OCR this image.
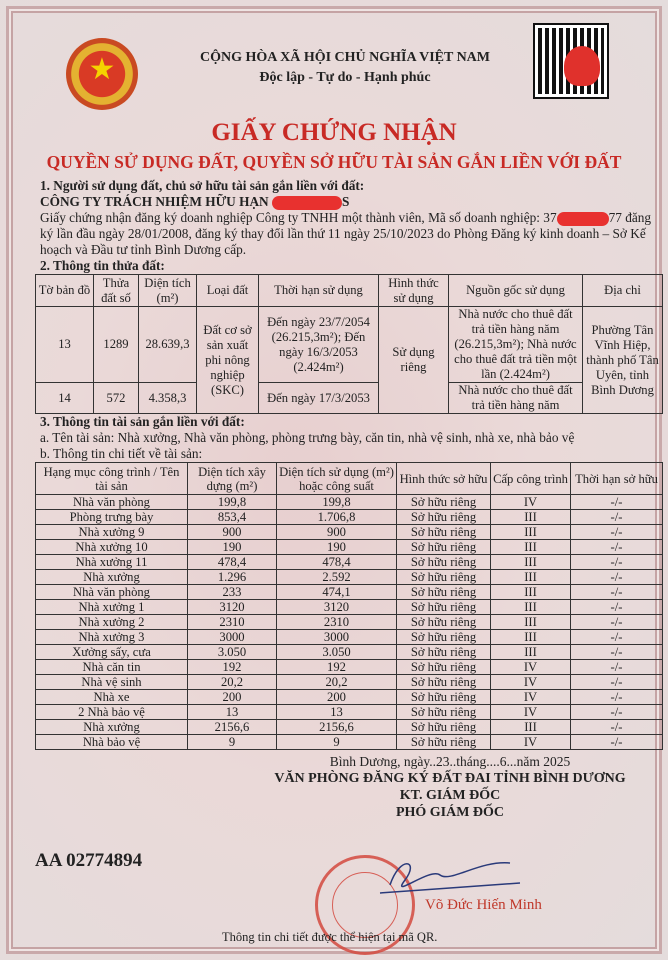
★	CỘNG HÒA XÃ HỘI CHỦ NGHĨA VIỆT NAM
Độc lập - Tự do - Hạnh phúc
GIẤY CHỨNG NHẬN
QUYỀN SỬ DỤNG ĐẤT, QUYỀN SỞ HỮU TÀI SẢN GẮN LIỀN VỚI ĐẤT
1. Người sử dụng đất, chủ sở hữu tài sản gắn liền với đất:
CÔNG TY TRÁCH NHIỆM HỮU HẠN	S
Giấy chứng nhận đăng ký doanh nghiệp Công ty TNHH một thành viên, Mã số doanh nghiệp: 37	77 đăng ký lần đầu ngày 28/01/2008, đăng ký thay đổi lần thứ 11 ngày 25/10/2023 do Phòng Đăng ký kinh doanh – Sở Kế hoạch và Đầu tư tỉnh Bình Dương cấp.
2. Thông tin thửa đất:
Tờ bản đồ	Thửa đất số	Diện tích (m²)	Loại đất	Thời hạn sử dụng	Hình thức sử dụng	Nguồn gốc sử dụng	Địa chỉ
13	1289	28.639,3	Đất cơ sở sản xuất phi nông nghiệp (SKC)	Đến ngày 23/7/2054 (26.215,3m²); Đến ngày 16/3/2053 (2.424m²)	Sử dụng riêng	Nhà nước cho thuê đất trả tiền hàng năm (26.215,3m²); Nhà nước cho thuê đất trả tiền một lần (2.424m²)	Phường Tân Vĩnh Hiệp, thành phố Tân Uyên, tỉnh Bình Dương
14	572	4.358,3		Đến ngày 17/3/2053		Nhà nước cho thuê đất trả tiền hàng năm	
3. Thông tin tài sản gắn liền với đất:
a. Tên tài sản: Nhà xưởng, Nhà văn phòng, phòng trưng bày, căn tin, nhà vệ sinh, nhà xe, nhà bảo vệ
b. Thông tin chi tiết về tài sản:
Hạng mục công trình / Tên tài sản	Diện tích xây dựng (m²)	Diện tích sử dụng (m²) hoặc công suất	Hình thức sở hữu	Cấp công trình	Thời hạn sở hữu
Nhà văn phòng	199,8	199,8	Sở hữu riêng	IV	-/-
Phòng trưng bày	853,4	1.706,8	Sở hữu riêng	III	-/-
Nhà xưởng 9	900	900	Sở hữu riêng	III	-/-
Nhà xưởng 10	190	190	Sở hữu riêng	III	-/-
Nhà xưởng 11	478,4	478,4	Sở hữu riêng	III	-/-
Nhà xưởng	1.296	2.592	Sở hữu riêng	III	-/-
Nhà văn phòng	233	474,1	Sở hữu riêng	III	-/-
Nhà xưởng 1	3120	3120	Sở hữu riêng	III	-/-
Nhà xưởng 2	2310	2310	Sở hữu riêng	III	-/-
Nhà xưởng 3	3000	3000	Sở hữu riêng	III	-/-
Xưởng sấy, cưa	3.050	3.050	Sở hữu riêng	III	-/-
Nhà căn tin	192	192	Sở hữu riêng	IV	-/-
Nhà vệ sinh	20,2	20,2	Sở hữu riêng	IV	-/-
Nhà xe	200	200	Sở hữu riêng	IV	-/-
2 Nhà bảo vệ	13	13	Sở hữu riêng	IV	-/-
Nhà xưởng	2156,6	2156,6	Sở hữu riêng	III	-/-
Nhà bảo vệ	9	9	Sở hữu riêng	IV	-/-
Bình Dương, ngày..23..tháng....6...năm 2025
VĂN PHÒNG ĐĂNG KÝ ĐẤT ĐAI TỈNH BÌNH DƯƠNG
KT. GIÁM ĐỐC
PHÓ GIÁM ĐỐC
AA 02774894
Võ Đức Hiến Minh
Thông tin chi tiết được thể hiện tại mã QR.
